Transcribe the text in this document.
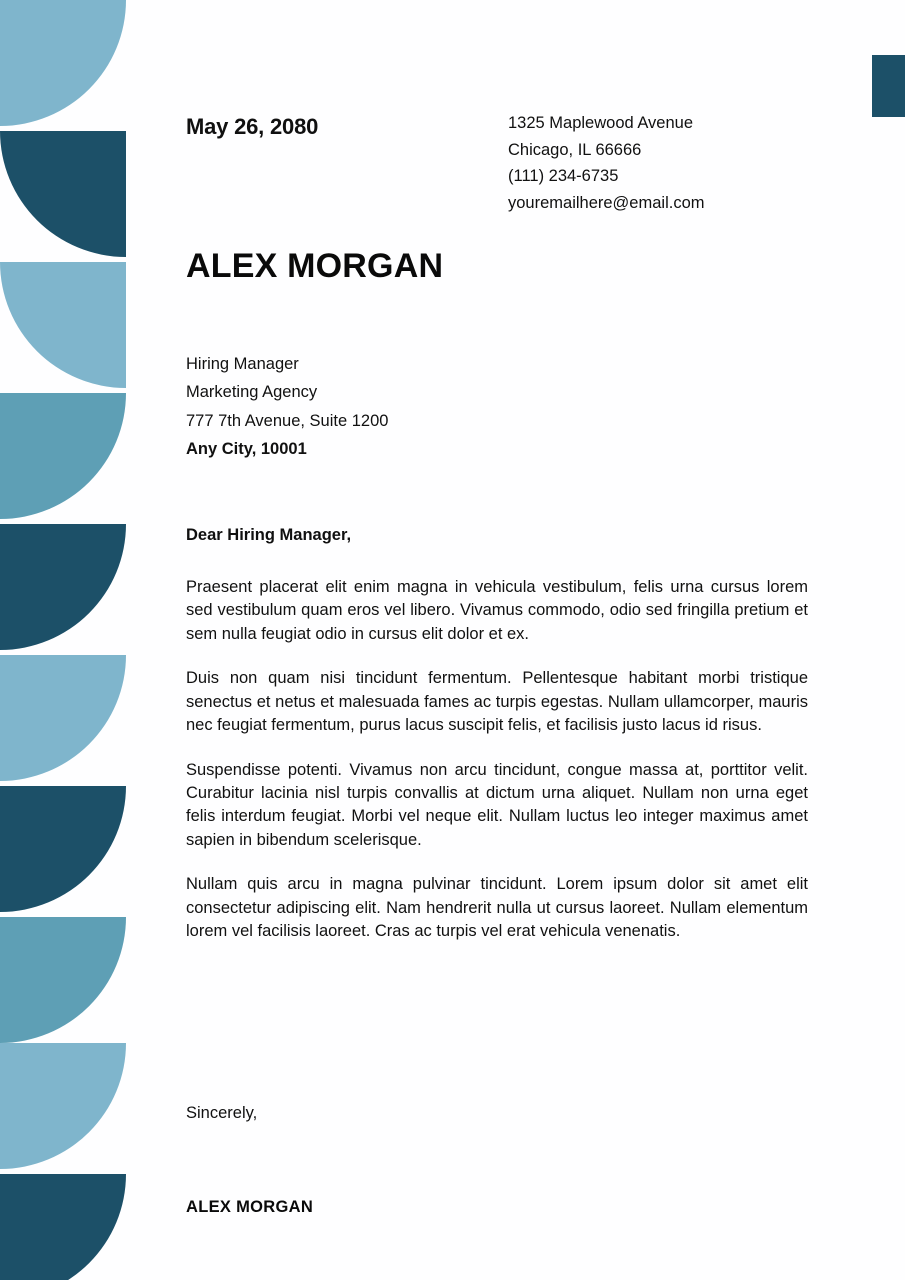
May 26, 2080	1325 Maplewood Avenue
Chicago, IL 66666
(111) 234-6735
youremailhere@email.com
ALEX MORGAN
Hiring Manager
Marketing Agency
777 7th Avenue, Suite 1200
Any City, 10001
Dear Hiring Manager,

Praesent placerat elit enim magna in vehicula vestibulum, felis urna cursus lorem sed vestibulum quam eros vel libero. Vivamus commodo, odio sed fringilla pretium et sem nulla feugiat odio in cursus elit dolor et ex.

Duis non quam nisi tincidunt fermentum. Pellentesque habitant morbi tristique senectus et netus et malesuada fames ac turpis egestas. Nullam ullamcorper, mauris nec feugiat fermentum, purus lacus suscipit felis, et facilisis justo lacus id risus.

Suspendisse potenti. Vivamus non arcu tincidunt, congue massa at, porttitor velit. Curabitur lacinia nisl turpis convallis at dictum urna aliquet. Nullam non urna eget felis interdum feugiat. Morbi vel neque elit. Nullam luctus leo integer maximus amet sapien in bibendum scelerisque.

Nullam quis arcu in magna pulvinar tincidunt. Lorem ipsum dolor sit amet elit consectetur adipiscing elit. Nam hendrerit nulla ut cursus laoreet. Nullam elementum lorem vel facilisis laoreet. Cras ac turpis vel erat vehicula venenatis.

Sincerely,
ALEX MORGAN
